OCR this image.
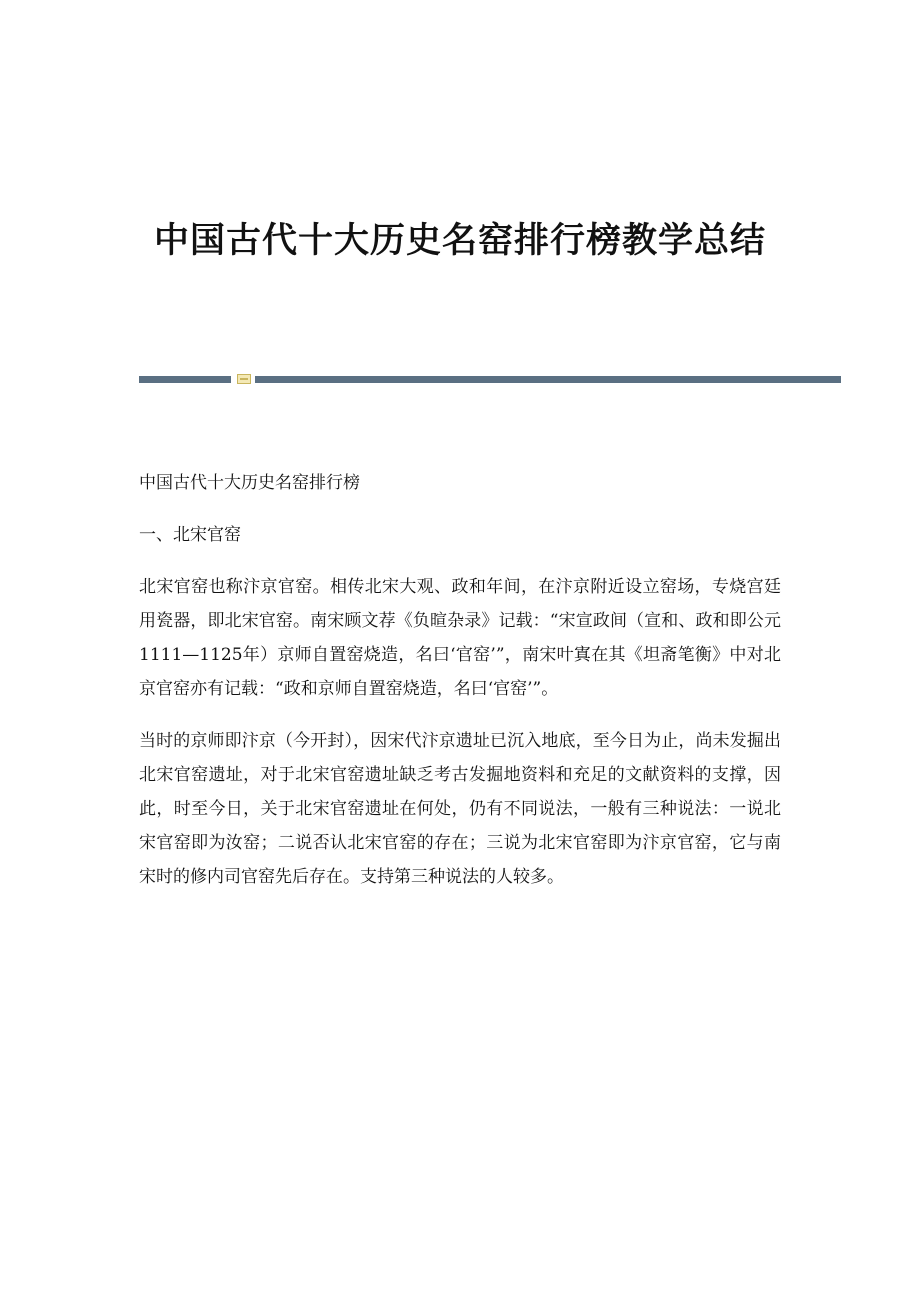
中国古代十大历史名窑排行榜教学总结

中国古代十大历史名窑排行榜

一、北宋官窑

北宋官窑也称汴京官窑。相传北宋大观、政和年间，在汴京附近设立窑场，专烧宫廷用瓷器，即北宋官窑。南宋顾文荐《负暄杂录》记载：“宋宣政间（宣和、政和即公元1111—1125年）京师自置窑烧造，名曰‘官窑’”，南宋叶寘在其《坦斋笔衡》中对北京官窑亦有记载：“政和京师自置窑烧造，名曰‘官窑’”。

当时的京师即汴京（今开封），因宋代汴京遗址已沉入地底，至今日为止，尚未发掘出北宋官窑遗址，对于北宋官窑遗址缺乏考古发掘地资料和充足的文献资料的支撑，因此，时至今日，关于北宋官窑遗址在何处，仍有不同说法，一般有三种说法：一说北宋官窑即为汝窑；二说否认北宋官窑的存在；三说为北宋官窑即为汴京官窑，它与南宋时的修内司官窑先后存在。支持第三种说法的人较多。
